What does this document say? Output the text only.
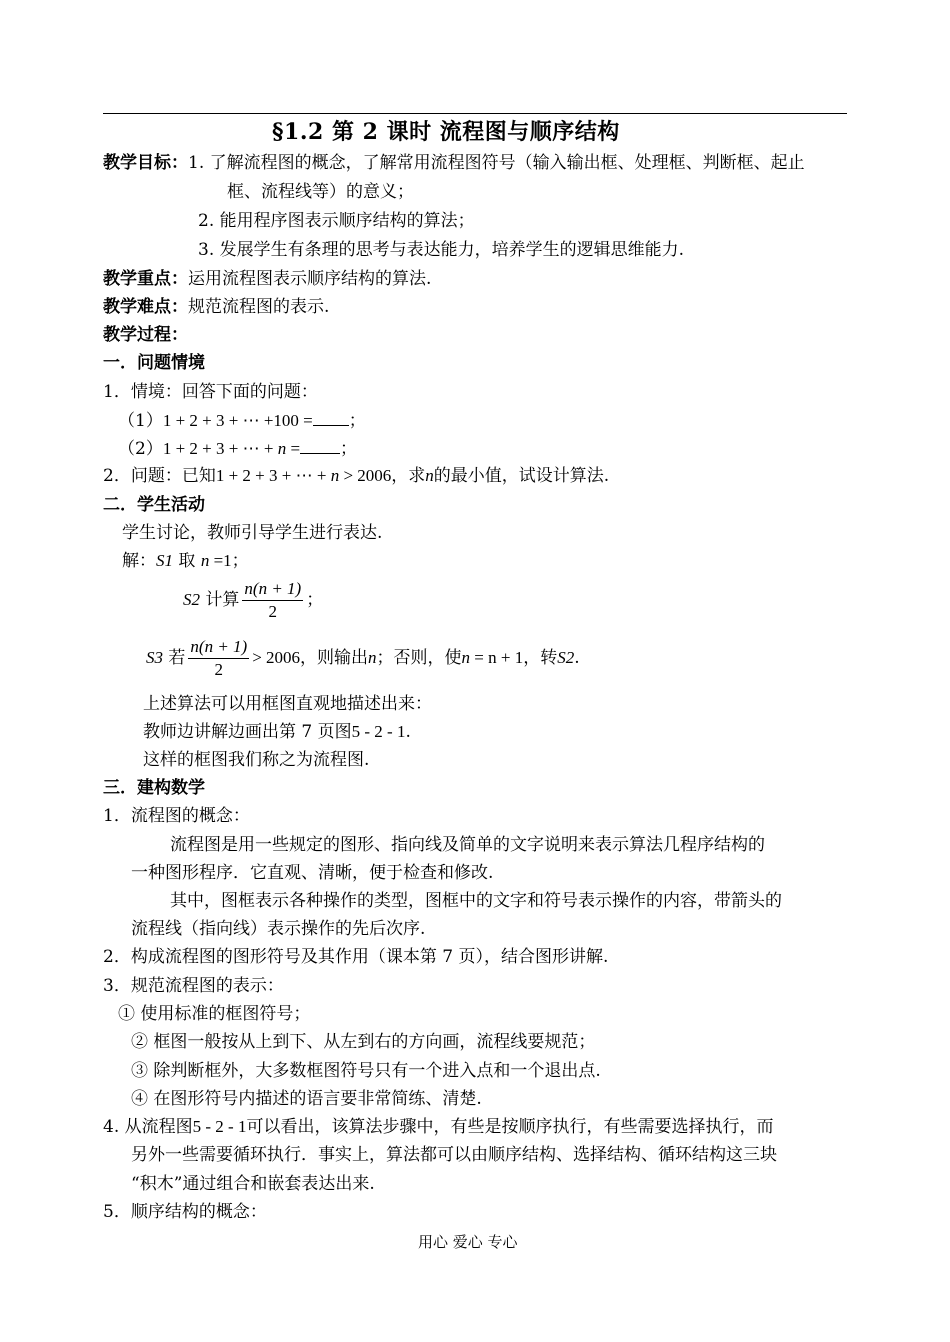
§1.2 第 2 课时 流程图与顺序结构
教学目标：1. 了解流程图的概念，了解常用流程图符号（输入输出框、处理框、判断框、起止
框、流程线等）的意义；
2. 能用程序图表示顺序结构的算法；
3. 发展学生有条理的思考与表达能力，培养学生的逻辑思维能力.
教学重点：运用流程图表示顺序结构的算法.
教学难点：规范流程图的表示.
教学过程：
一．问题情境
1．情境：回答下面的问题：
（1）1 + 2 + 3 + ⋯ +100 = ；
（2）1 + 2 + 3 + ⋯ + n = ；
2．问题：已知1 + 2 + 3 + ⋯ + n > 2006，求n的最小值，试设计算法.
二．学生活动
学生讨论，教师引导学生进行表达.
解：S1 取 n =1；
S2 计算 $\frac{n(n + 1)}{2}$ ；
S3 若 $\frac{n(n + 1)}{2} > 2006$，则输出n；否则，使n = n + 1，转S2.
上述算法可以用框图直观地描述出来：
教师边讲解边画出第 7 页图5 - 2 - 1.
这样的框图我们称之为流程图.
三．建构数学
1．流程图的概念：
流程图是用一些规定的图形、指向线及简单的文字说明来表示算法几程序结构的
一种图形程序．它直观、清晰，便于检查和修改.
其中，图框表示各种操作的类型，图框中的文字和符号表示操作的内容，带箭头的
流程线（指向线）表示操作的先后次序.
2．构成流程图的图形符号及其作用（课本第 7 页），结合图形讲解.
3．规范流程图的表示：
① 使用标准的框图符号；
② 框图一般按从上到下、从左到右的方向画，流程线要规范；
③ 除判断框外，大多数框图符号只有一个进入点和一个退出点.
④ 在图形符号内描述的语言要非常简练、清楚.
4. 从流程图5 - 2 - 1可以看出，该算法步骤中，有些是按顺序执行，有些需要选择执行，而
另外一些需要循环执行．事实上，算法都可以由顺序结构、选择结构、循环结构这三块
“积木”通过组合和嵌套表达出来.
5．顺序结构的概念：
用心 爱心 专心
